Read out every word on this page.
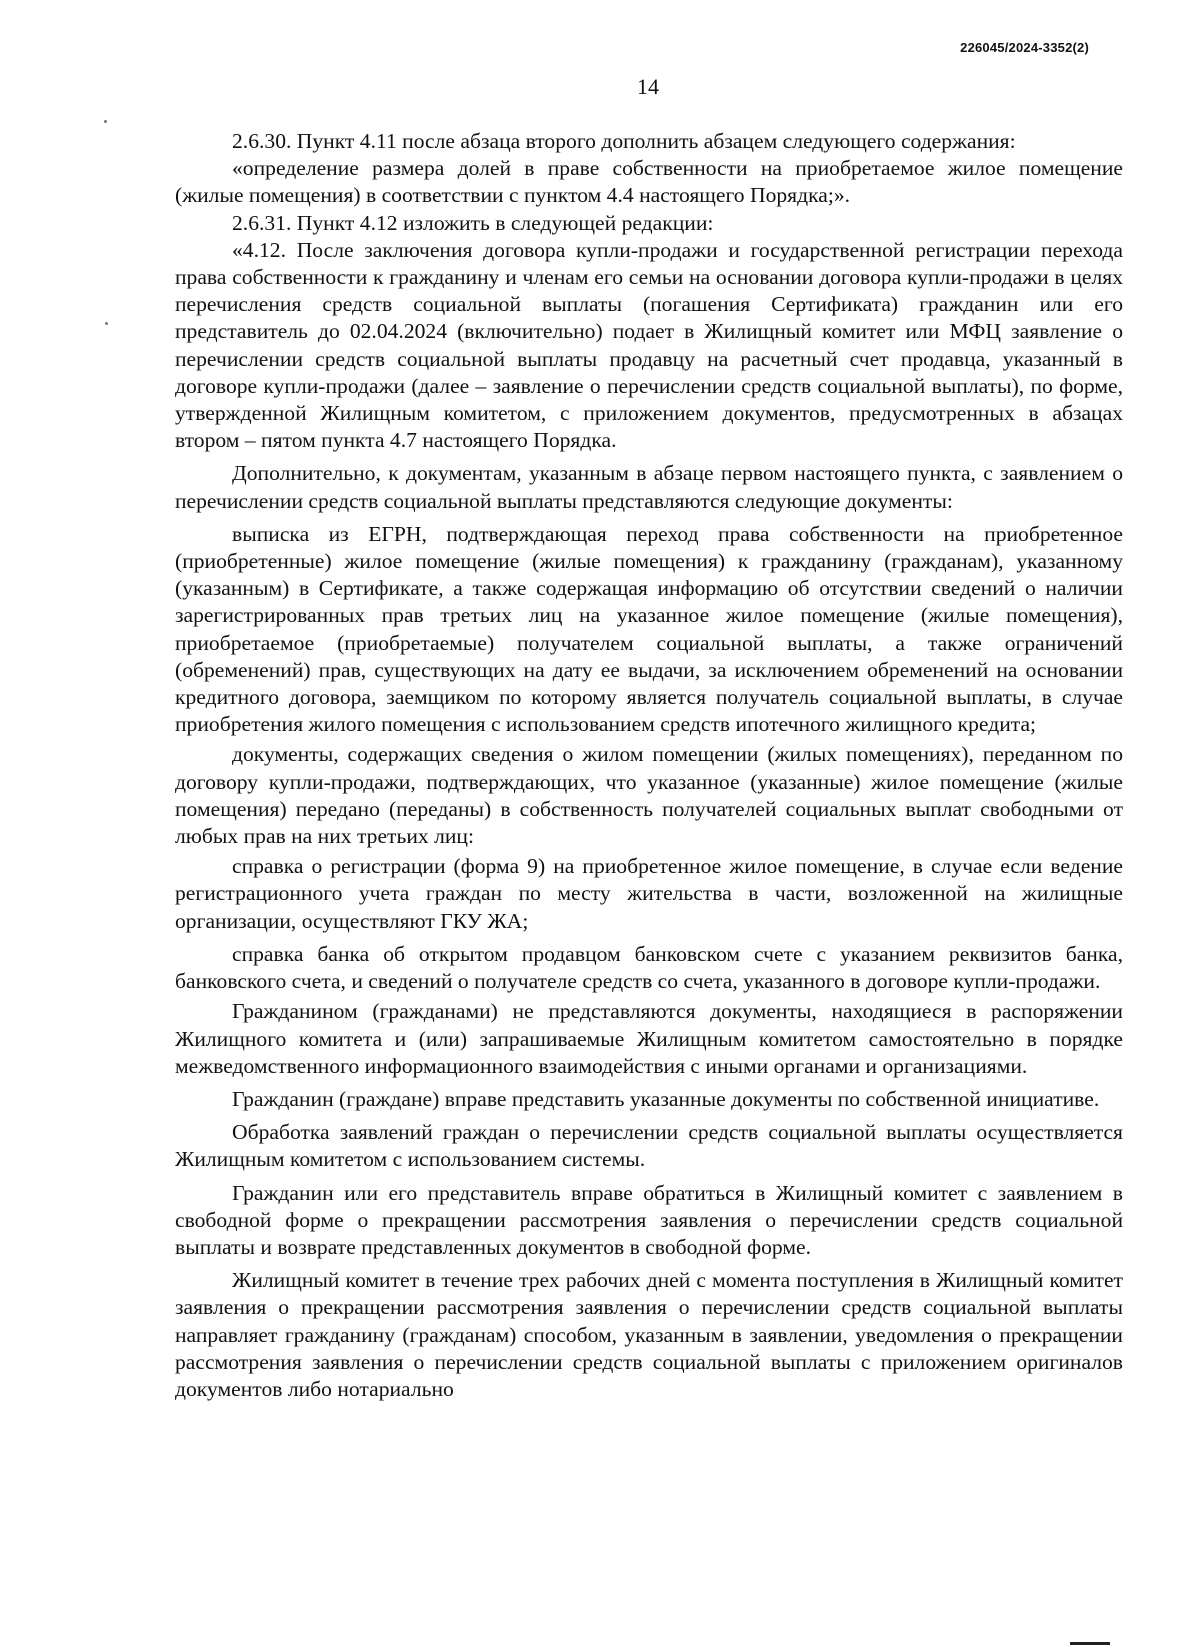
226045/2024-3352(2)
14

2.6.30. Пункт 4.11 после абзаца второго дополнить абзацем следующего содержания:

«определение размера долей в праве собственности на приобретаемое жилое помещение (жилые помещения) в соответствии с пунктом 4.4 настоящего Порядка;».

2.6.31. Пункт 4.12 изложить в следующей редакции:

«4.12. После заключения договора купли-продажи и государственной регистрации перехода права собственности к гражданину и членам его семьи на основании договора купли-продажи в целях перечисления средств социальной выплаты (погашения Сертификата) гражданин или его представитель до 02.04.2024 (включительно) подает в Жилищный комитет или МФЦ заявление о перечислении средств социальной выплаты продавцу на расчетный счет продавца, указанный в договоре купли-продажи (далее – заявление о перечислении средств социальной выплаты), по форме, утвержденной Жилищным комитетом, с приложением документов, предусмотренных в абзацах втором – пятом пункта 4.7 настоящего Порядка.

Дополнительно, к документам, указанным в абзаце первом настоящего пункта, с заявлением о перечислении средств социальной выплаты представляются следующие документы:

выписка из ЕГРН, подтверждающая переход права собственности на приобретенное (приобретенные) жилое помещение (жилые помещения) к гражданину (гражданам), указанному (указанным) в Сертификате, а также содержащая информацию об отсутствии сведений о наличии зарегистрированных прав третьих лиц на указанное жилое помещение (жилые помещения), приобретаемое (приобретаемые) получателем социальной выплаты, а также ограничений (обременений) прав, существующих на дату ее выдачи, за исключением обременений на основании кредитного договора, заемщиком по которому является получатель социальной выплаты, в случае приобретения жилого помещения с использованием средств ипотечного жилищного кредита;

документы, содержащих сведения о жилом помещении (жилых помещениях), переданном по договору купли-продажи, подтверждающих, что указанное (указанные) жилое помещение (жилые помещения) передано (переданы) в собственность получателей социальных выплат свободными от любых прав на них третьих лиц:

справка о регистрации (форма 9) на приобретенное жилое помещение, в случае если ведение регистрационного учета граждан по месту жительства в части, возложенной на жилищные организации, осуществляют ГКУ ЖА;

справка банка об открытом продавцом банковском счете с указанием реквизитов банка, банковского счета, и сведений о получателе средств со счета, указанного в договоре купли-продажи.

Гражданином (гражданами) не представляются документы, находящиеся в распоряжении Жилищного комитета и (или) запрашиваемые Жилищным комитетом самостоятельно в порядке межведомственного информационного взаимодействия с иными органами и организациями.

Гражданин (граждане) вправе представить указанные документы по собственной инициативе.

Обработка заявлений граждан о перечислении средств социальной выплаты осуществляется Жилищным комитетом с использованием системы.

Гражданин или его представитель вправе обратиться в Жилищный комитет с заявлением в свободной форме о прекращении рассмотрения заявления о перечислении средств социальной выплаты и возврате представленных документов в свободной форме.

Жилищный комитет в течение трех рабочих дней с момента поступления в Жилищный комитет заявления о прекращении рассмотрения заявления о перечислении средств социальной выплаты направляет гражданину (гражданам) способом, указанным в заявлении, уведомления о прекращении рассмотрения заявления о перечислении средств социальной выплаты с приложением оригиналов документов либо нотариально
